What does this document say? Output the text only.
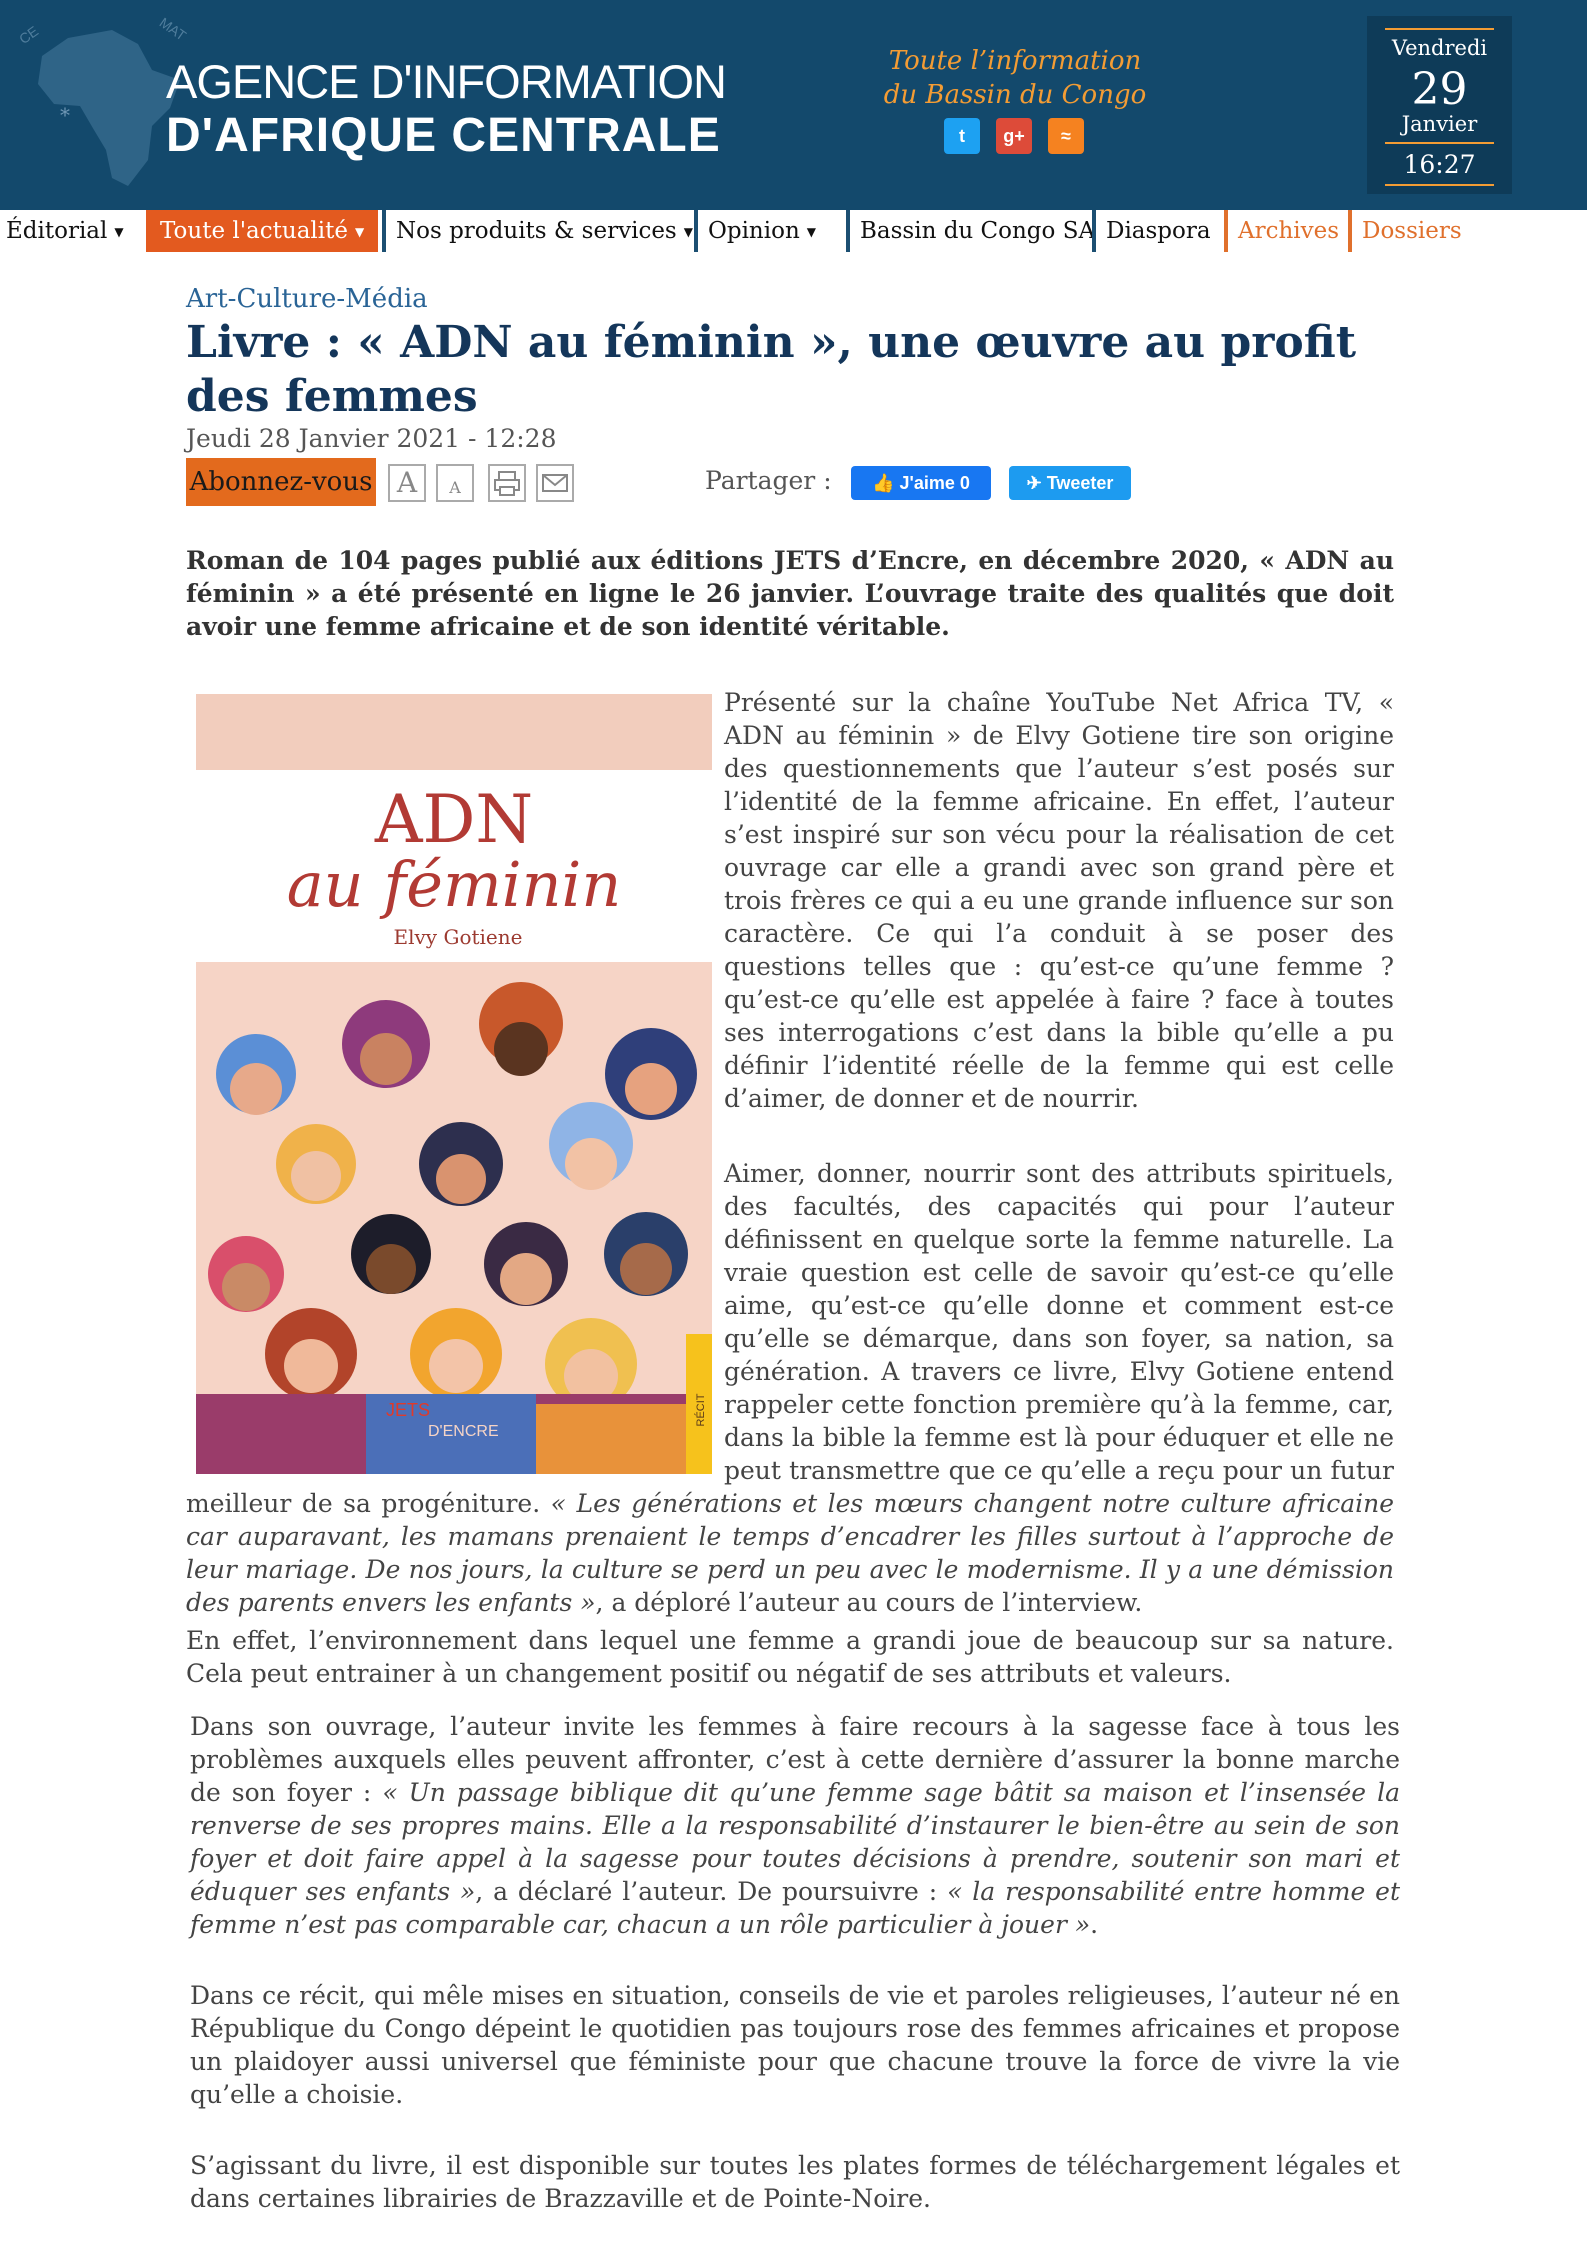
*
CE	MAT
AGENCE D'INFORMATION
D'AFRIQUE CENTRALE
Toute l’information
du Bassin du Congo
t g+ ≈
Vendredi
29
Janvier
16:27
Éditorial ▼	Toute l'actualité ▼	Nos produits & services ▼ Opinion ▼	Bassin du Congo SA Diaspora	Archives Dossiers
Art-Culture-Média
Livre : « ADN au féminin », une œuvre au profit des femmes
Jeudi 28 Janvier 2021 - 12:28
Abonnez-vous A	A	Partager :	👍 J'aime 0	✈ Tweeter

Roman de 104 pages publié aux éditions JETS d’Encre, en décembre 2020, « ADN au féminin » a été présenté en ligne le 26 janvier. L’ouvrage traite des qualités que doit avoir une femme africaine et de son identité véritable.

ADN
au féminin
Elvy Gotiene
JETS
D'ENCRE
RÉCIT

Présenté sur la chaîne YouTube Net Africa TV, « ADN au féminin » de Elvy Gotiene tire son origine des questionnements que l’auteur s’est posés sur l’identité de la femme africaine. En effet, l’auteur s’est inspiré sur son vécu pour la réalisation de cet ouvrage car elle a grandi avec son grand père et trois frères ce qui a eu une grande influence sur son caractère. Ce qui l’a conduit à se poser des questions telles que : qu’est-ce qu’une femme ? qu’est-ce qu’elle est appelée à faire ? face à toutes ses interrogations c’est dans la bible qu’elle a pu définir l’identité réelle de la femme qui est celle d’aimer, de donner et de nourrir.

Aimer, donner, nourrir sont des attributs spirituels, des facultés, des capacités qui pour l’auteur définissent en quelque sorte la femme naturelle. La vraie question est celle de savoir qu’est-ce qu’elle aime, qu’est-ce qu’elle donne et comment est-ce qu’elle se démarque, dans son foyer, sa nation, sa génération. A travers ce livre, Elvy Gotiene entend rappeler cette fonction première qu’à la femme, car, dans la bible la femme est là pour éduquer et elle ne peut transmettre que ce qu’elle a reçu pour un futur meilleur de sa progéniture. « Les générations et les mœurs changent notre culture africaine car auparavant, les mamans prenaient le temps d’encadrer les filles surtout à l’approche de leur mariage. De nos jours, la culture se perd un peu avec le modernisme. Il y a une démission des parents envers les enfants », a déploré l’auteur au cours de l’interview.

En effet, l’environnement dans lequel une femme a grandi joue de beaucoup sur sa nature. Cela peut entrainer à un changement positif ou négatif de ses attributs et valeurs.

Dans son ouvrage, l’auteur invite les femmes à faire recours à la sagesse face à tous les problèmes auxquels elles peuvent affronter, c’est à cette dernière d’assurer la bonne marche de son foyer : « Un passage biblique dit qu’une femme sage bâtit sa maison et l’insensée la renverse de ses propres mains. Elle a la responsabilité d’instaurer le bien-être au sein de son foyer et doit faire appel à la sagesse pour toutes décisions à prendre, soutenir son mari et éduquer ses enfants », a déclaré l’auteur. De poursuivre : « la responsabilité entre homme et femme n’est pas comparable car, chacun a un rôle particulier à jouer ».

Dans ce récit, qui mêle mises en situation, conseils de vie et paroles religieuses, l’auteur né en République du Congo dépeint le quotidien pas toujours rose des femmes africaines et propose un plaidoyer aussi universel que féministe pour que chacune trouve la force de vivre la vie qu’elle a choisie.

S’agissant du livre, il est disponible sur toutes les plates formes de téléchargement légales et dans certaines librairies de Brazzaville et de Pointe-Noire.
